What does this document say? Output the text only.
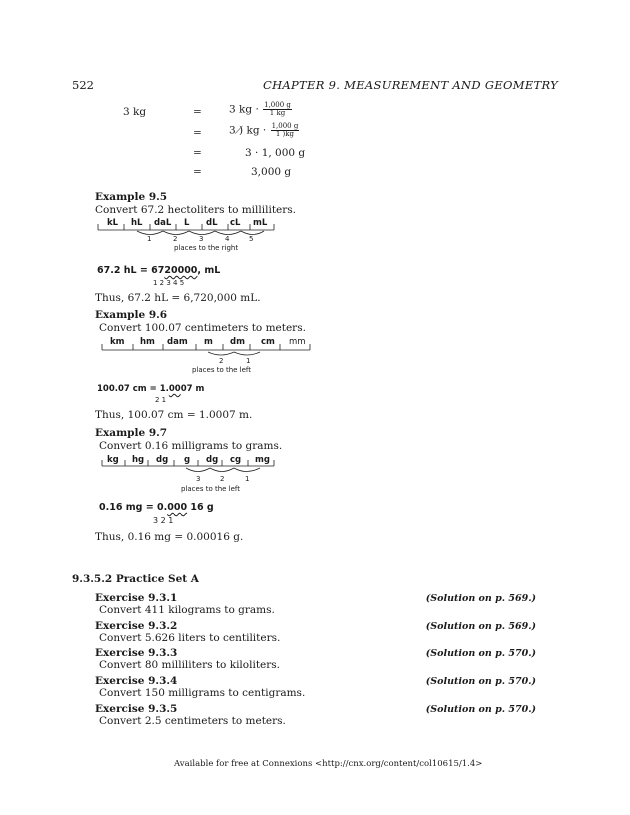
522	CHAPTER 9. MEASUREMENT AND GEOMETRY
3 kg	=	3 kg · $\frac{1,000 g}{1 kg}$
=	3 )̸ kg · $\frac{1,000 g}{1 )kg}$
=	3 · 1, 000 g
=	3,000 g
Example 9.5
Convert 67.2 hectoliters to milliliters.
kL hL daL L dL cL mL
1	2	3	4	5
places to the right
67.2 hL = 6720000, mL
1 2 3 4 5
Thus, 67.2 hL = 6,720,000 mL.
Example 9.6
Convert 100.07 centimeters to meters.
km hm dam m dm cm mm
2	1
places to the left
100.07 cm = 1.0007 m
2 1
Thus, 100.07 cm = 1.0007 m.
Example 9.7
Convert 0.16 milligrams to grams.
kg hg dg g dg cg mg
3	2	1
places to the left
0.16 mg = 0.000 16 g
3 2 1
Thus, 0.16 mg = 0.00016 g.
9.3.5.2 Practice Set A
Exercise 9.3.1	(Solution on p. 569.)
Convert 411 kilograms to grams.
Exercise 9.3.2	(Solution on p. 569.)
Convert 5.626 liters to centiliters.
Exercise 9.3.3	(Solution on p. 570.)
Convert 80 milliliters to kiloliters.
Exercise 9.3.4	(Solution on p. 570.)
Convert 150 milligrams to centigrams.
Exercise 9.3.5	(Solution on p. 570.)
Convert 2.5 centimeters to meters.
Available for free at Connexions <http://cnx.org/content/col10615/1.4>
